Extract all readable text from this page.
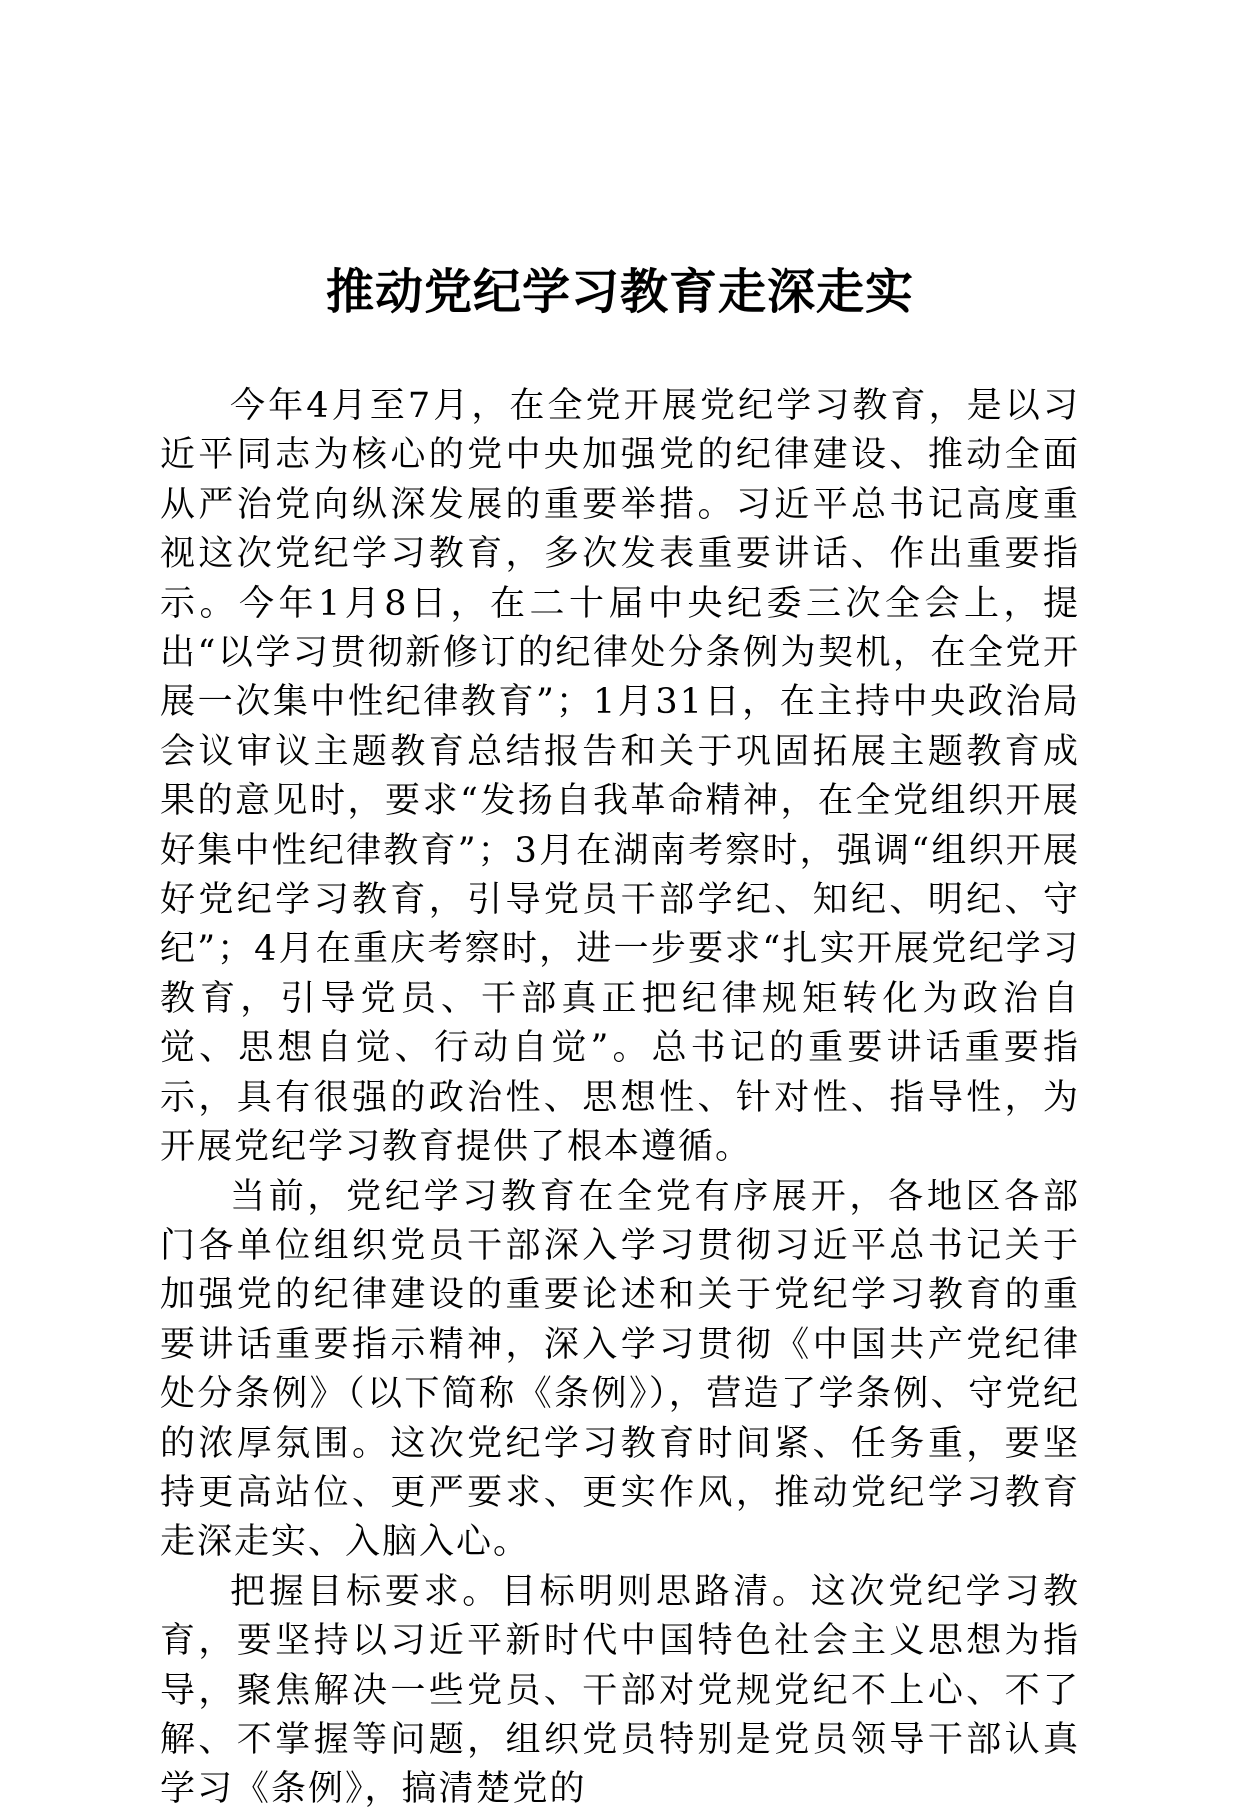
推动党纪学习教育走深走实

今年4月至7月，在全党开展党纪学习教育，是以习近平同志为核心的党中央加强党的纪律建设、推动全面从严治党向纵深发展的重要举措。习近平总书记高度重视这次党纪学习教育，多次发表重要讲话、作出重要指示。今年1月8日，在二十届中央纪委三次全会上，提出“以学习贯彻新修订的纪律处分条例为契机，在全党开展一次集中性纪律教育”；1月31日，在主持中央政治局会议审议主题教育总结报告和关于巩固拓展主题教育成果的意见时，要求“发扬自我革命精神，在全党组织开展好集中性纪律教育”；3月在湖南考察时，强调“组织开展好党纪学习教育，引导党员干部学纪、知纪、明纪、守纪”；4月在重庆考察时，进一步要求“扎实开展党纪学习教育，引导党员、干部真正把纪律规矩转化为政治自觉、思想自觉、行动自觉”。总书记的重要讲话重要指示，具有很强的政治性、思想性、针对性、指导性，为开展党纪学习教育提供了根本遵循。

当前，党纪学习教育在全党有序展开，各地区各部门各单位组织党员干部深入学习贯彻习近平总书记关于加强党的纪律建设的重要论述和关于党纪学习教育的重要讲话重要指示精神，深入学习贯彻《中国共产党纪律处分条例》（以下简称《条例》），营造了学条例、守党纪的浓厚氛围。这次党纪学习教育时间紧、任务重，要坚持更高站位、更严要求、更实作风，推动党纪学习教育走深走实、入脑入心。

把握目标要求。目标明则思路清。这次党纪学习教育，要坚持以习近平新时代中国特色社会主义思想为指导，聚焦解决一些党员、干部对党规党纪不上心、不了解、不掌握等问题，组织党员特别是党员领导干部认真学习《条例》，搞清楚党的
